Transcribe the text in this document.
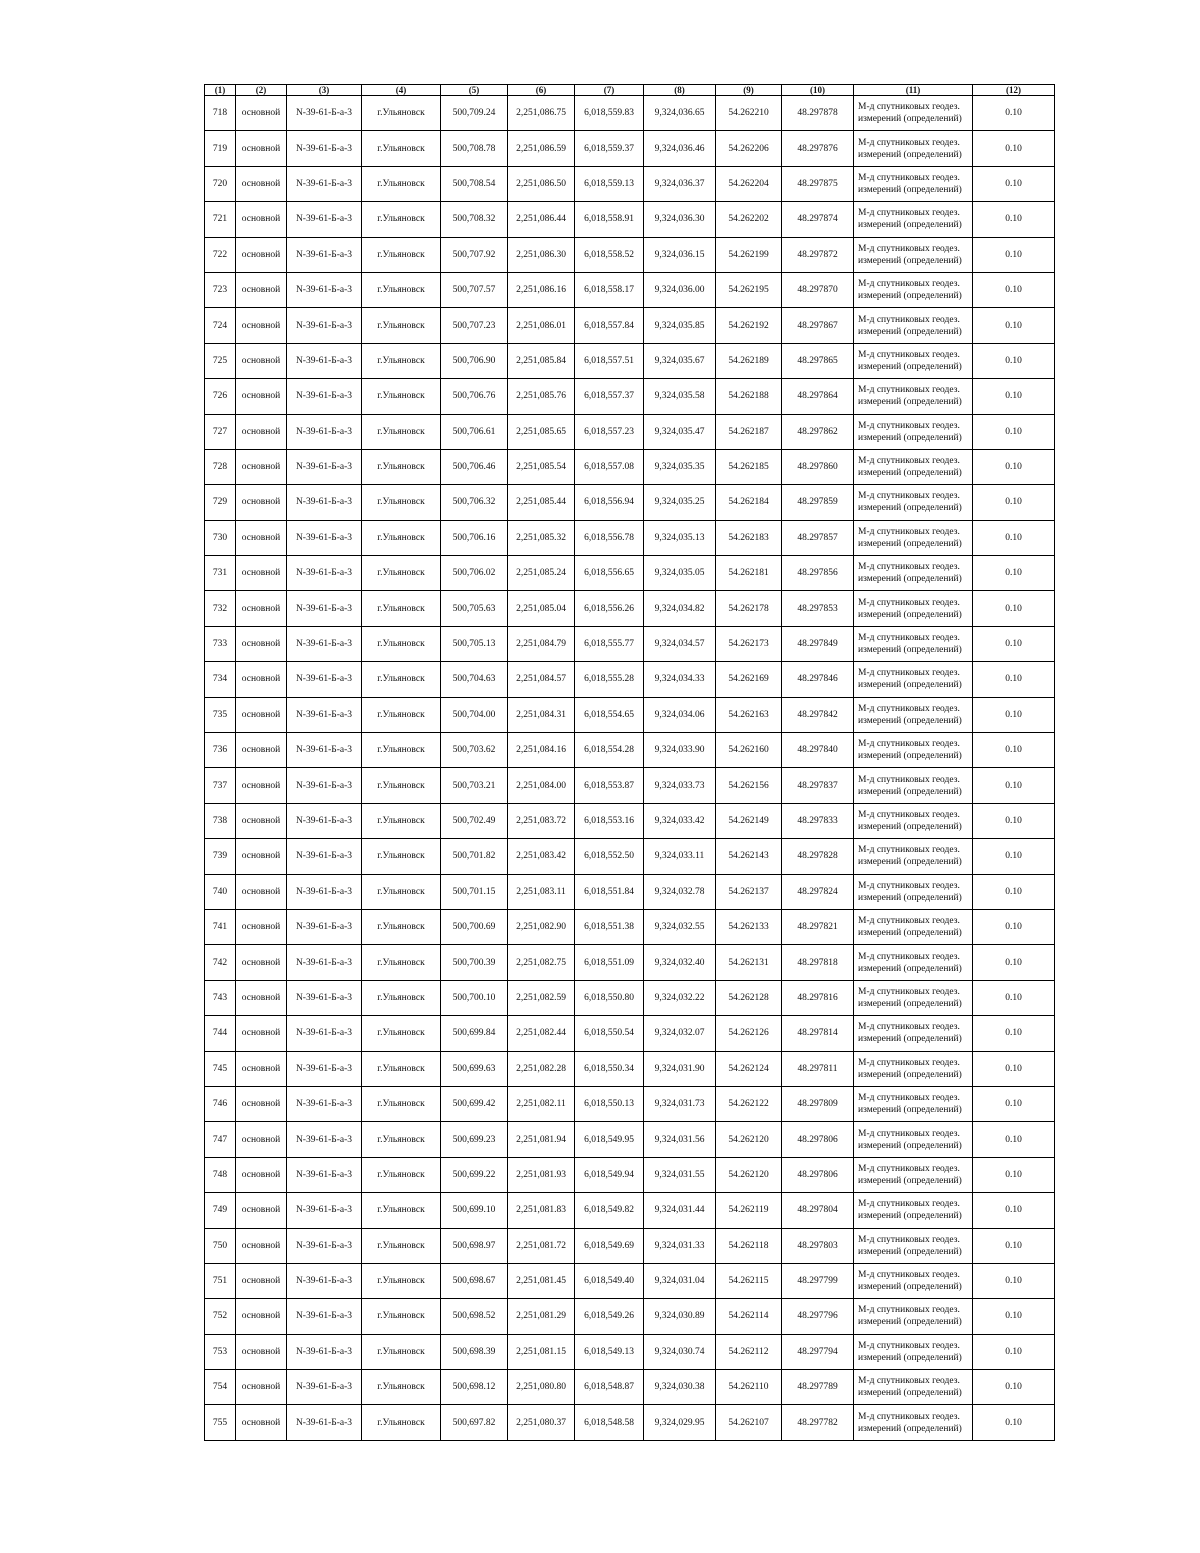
(1)	(2)	(3)	(4)	(5)	(6)	(7)	(8)	(9)	(10)	(11)	(12)
718	основной	N-39-61-Б-а-3	г.Ульяновск	500,709.24	2,251,086.75	6,018,559.83	9,324,036.65	54.262210	48.297878	М-д спутниковых геодез. измерений (определений)	0.10
719	основной	N-39-61-Б-а-3	г.Ульяновск	500,708.78	2,251,086.59	6,018,559.37	9,324,036.46	54.262206	48.297876	М-д спутниковых геодез. измерений (определений)	0.10
720	основной	N-39-61-Б-а-3	г.Ульяновск	500,708.54	2,251,086.50	6,018,559.13	9,324,036.37	54.262204	48.297875	М-д спутниковых геодез. измерений (определений)	0.10
721	основной	N-39-61-Б-а-3	г.Ульяновск	500,708.32	2,251,086.44	6,018,558.91	9,324,036.30	54.262202	48.297874	М-д спутниковых геодез. измерений (определений)	0.10
722	основной	N-39-61-Б-а-3	г.Ульяновск	500,707.92	2,251,086.30	6,018,558.52	9,324,036.15	54.262199	48.297872	М-д спутниковых геодез. измерений (определений)	0.10
723	основной	N-39-61-Б-а-3	г.Ульяновск	500,707.57	2,251,086.16	6,018,558.17	9,324,036.00	54.262195	48.297870	М-д спутниковых геодез. измерений (определений)	0.10
724	основной	N-39-61-Б-а-3	г.Ульяновск	500,707.23	2,251,086.01	6,018,557.84	9,324,035.85	54.262192	48.297867	М-д спутниковых геодез. измерений (определений)	0.10
725	основной	N-39-61-Б-а-3	г.Ульяновск	500,706.90	2,251,085.84	6,018,557.51	9,324,035.67	54.262189	48.297865	М-д спутниковых геодез. измерений (определений)	0.10
726	основной	N-39-61-Б-а-3	г.Ульяновск	500,706.76	2,251,085.76	6,018,557.37	9,324,035.58	54.262188	48.297864	М-д спутниковых геодез. измерений (определений)	0.10
727	основной	N-39-61-Б-а-3	г.Ульяновск	500,706.61	2,251,085.65	6,018,557.23	9,324,035.47	54.262187	48.297862	М-д спутниковых геодез. измерений (определений)	0.10
728	основной	N-39-61-Б-а-3	г.Ульяновск	500,706.46	2,251,085.54	6,018,557.08	9,324,035.35	54.262185	48.297860	М-д спутниковых геодез. измерений (определений)	0.10
729	основной	N-39-61-Б-а-3	г.Ульяновск	500,706.32	2,251,085.44	6,018,556.94	9,324,035.25	54.262184	48.297859	М-д спутниковых геодез. измерений (определений)	0.10
730	основной	N-39-61-Б-а-3	г.Ульяновск	500,706.16	2,251,085.32	6,018,556.78	9,324,035.13	54.262183	48.297857	М-д спутниковых геодез. измерений (определений)	0.10
731	основной	N-39-61-Б-а-3	г.Ульяновск	500,706.02	2,251,085.24	6,018,556.65	9,324,035.05	54.262181	48.297856	М-д спутниковых геодез. измерений (определений)	0.10
732	основной	N-39-61-Б-а-3	г.Ульяновск	500,705.63	2,251,085.04	6,018,556.26	9,324,034.82	54.262178	48.297853	М-д спутниковых геодез. измерений (определений)	0.10
733	основной	N-39-61-Б-а-3	г.Ульяновск	500,705.13	2,251,084.79	6,018,555.77	9,324,034.57	54.262173	48.297849	М-д спутниковых геодез. измерений (определений)	0.10
734	основной	N-39-61-Б-а-3	г.Ульяновск	500,704.63	2,251,084.57	6,018,555.28	9,324,034.33	54.262169	48.297846	М-д спутниковых геодез. измерений (определений)	0.10
735	основной	N-39-61-Б-а-3	г.Ульяновск	500,704.00	2,251,084.31	6,018,554.65	9,324,034.06	54.262163	48.297842	М-д спутниковых геодез. измерений (определений)	0.10
736	основной	N-39-61-Б-а-3	г.Ульяновск	500,703.62	2,251,084.16	6,018,554.28	9,324,033.90	54.262160	48.297840	М-д спутниковых геодез. измерений (определений)	0.10
737	основной	N-39-61-Б-а-3	г.Ульяновск	500,703.21	2,251,084.00	6,018,553.87	9,324,033.73	54.262156	48.297837	М-д спутниковых геодез. измерений (определений)	0.10
738	основной	N-39-61-Б-а-3	г.Ульяновск	500,702.49	2,251,083.72	6,018,553.16	9,324,033.42	54.262149	48.297833	М-д спутниковых геодез. измерений (определений)	0.10
739	основной	N-39-61-Б-а-3	г.Ульяновск	500,701.82	2,251,083.42	6,018,552.50	9,324,033.11	54.262143	48.297828	М-д спутниковых геодез. измерений (определений)	0.10
740	основной	N-39-61-Б-а-3	г.Ульяновск	500,701.15	2,251,083.11	6,018,551.84	9,324,032.78	54.262137	48.297824	М-д спутниковых геодез. измерений (определений)	0.10
741	основной	N-39-61-Б-а-3	г.Ульяновск	500,700.69	2,251,082.90	6,018,551.38	9,324,032.55	54.262133	48.297821	М-д спутниковых геодез. измерений (определений)	0.10
742	основной	N-39-61-Б-а-3	г.Ульяновск	500,700.39	2,251,082.75	6,018,551.09	9,324,032.40	54.262131	48.297818	М-д спутниковых геодез. измерений (определений)	0.10
743	основной	N-39-61-Б-а-3	г.Ульяновск	500,700.10	2,251,082.59	6,018,550.80	9,324,032.22	54.262128	48.297816	М-д спутниковых геодез. измерений (определений)	0.10
744	основной	N-39-61-Б-а-3	г.Ульяновск	500,699.84	2,251,082.44	6,018,550.54	9,324,032.07	54.262126	48.297814	М-д спутниковых геодез. измерений (определений)	0.10
745	основной	N-39-61-Б-а-3	г.Ульяновск	500,699.63	2,251,082.28	6,018,550.34	9,324,031.90	54.262124	48.297811	М-д спутниковых геодез. измерений (определений)	0.10
746	основной	N-39-61-Б-а-3	г.Ульяновск	500,699.42	2,251,082.11	6,018,550.13	9,324,031.73	54.262122	48.297809	М-д спутниковых геодез. измерений (определений)	0.10
747	основной	N-39-61-Б-а-3	г.Ульяновск	500,699.23	2,251,081.94	6,018,549.95	9,324,031.56	54.262120	48.297806	М-д спутниковых геодез. измерений (определений)	0.10
748	основной	N-39-61-Б-а-3	г.Ульяновск	500,699.22	2,251,081.93	6,018,549.94	9,324,031.55	54.262120	48.297806	М-д спутниковых геодез. измерений (определений)	0.10
749	основной	N-39-61-Б-а-3	г.Ульяновск	500,699.10	2,251,081.83	6,018,549.82	9,324,031.44	54.262119	48.297804	М-д спутниковых геодез. измерений (определений)	0.10
750	основной	N-39-61-Б-а-3	г.Ульяновск	500,698.97	2,251,081.72	6,018,549.69	9,324,031.33	54.262118	48.297803	М-д спутниковых геодез. измерений (определений)	0.10
751	основной	N-39-61-Б-а-3	г.Ульяновск	500,698.67	2,251,081.45	6,018,549.40	9,324,031.04	54.262115	48.297799	М-д спутниковых геодез. измерений (определений)	0.10
752	основной	N-39-61-Б-а-3	г.Ульяновск	500,698.52	2,251,081.29	6,018,549.26	9,324,030.89	54.262114	48.297796	М-д спутниковых геодез. измерений (определений)	0.10
753	основной	N-39-61-Б-а-3	г.Ульяновск	500,698.39	2,251,081.15	6,018,549.13	9,324,030.74	54.262112	48.297794	М-д спутниковых геодез. измерений (определений)	0.10
754	основной	N-39-61-Б-а-3	г.Ульяновск	500,698.12	2,251,080.80	6,018,548.87	9,324,030.38	54.262110	48.297789	М-д спутниковых геодез. измерений (определений)	0.10
755	основной	N-39-61-Б-а-3	г.Ульяновск	500,697.82	2,251,080.37	6,018,548.58	9,324,029.95	54.262107	48.297782	М-д спутниковых геодез. измерений (определений)	0.10
